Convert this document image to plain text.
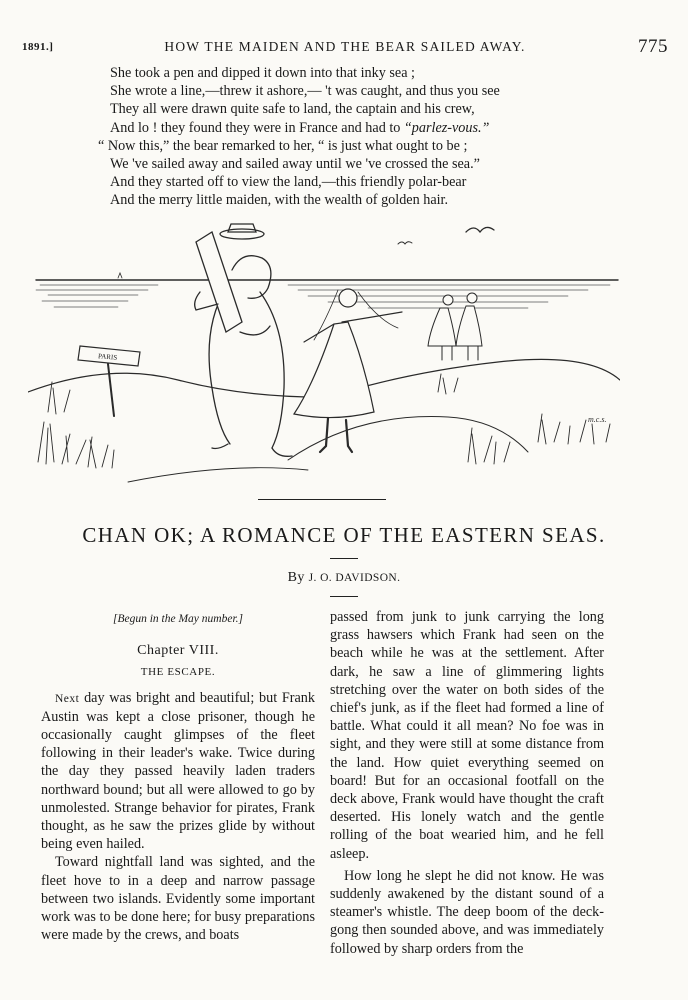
1891.]	HOW THE MAIDEN AND THE BEAR SAILED AWAY.	775
She took a pen and dipped it down into that inky sea ;
She wrote a line,—threw it ashore,— 't was caught, and thus you see
They all were drawn quite safe to land, the captain and his crew,
And lo ! they found they were in France and had to “parlez-vous.”
“ Now this,” the bear remarked to her, “ is just what ought to be ;
We 've sailed away and sailed away until we 've crossed the sea.”
And they started off to view the land,—this friendly polar-bear
And the merry little maiden, with the wealth of golden hair.
PARIS
m.c.s.
CHAN OK; A ROMANCE OF THE EASTERN SEAS.
By J. O. DAVIDSON.
[Begun in the May number.]
Chapter VIII.
THE ESCAPE.

Next day was bright and beautiful; but Frank Austin was kept a close prisoner, though he occasionally caught glimpses of the fleet following in their leader's wake. Twice during the day they passed heavily laden traders northward bound; but all were allowed to go by unmolested. Strange behavior for pirates, Frank thought, as he saw the prizes glide by without being even hailed.

Toward nightfall land was sighted, and the fleet hove to in a deep and narrow passage between two islands. Evidently some important work was to be done here; for busy preparations were made by the crews, and boats

passed from junk to junk carrying the long grass hawsers which Frank had seen on the beach while he was at the settlement. After dark, he saw a line of glimmering lights stretching over the water on both sides of the chief's junk, as if the fleet had formed a line of battle. What could it all mean? No foe was in sight, and they were still at some distance from the land. How quiet everything seemed on board! But for an occasional footfall on the deck above, Frank would have thought the craft deserted. His lonely watch and the gentle rolling of the boat wearied him, and he fell asleep.

How long he slept he did not know. He was suddenly awakened by the distant sound of a steamer's whistle. The deep boom of the deck-gong then sounded above, and was immediately followed by sharp orders from the
